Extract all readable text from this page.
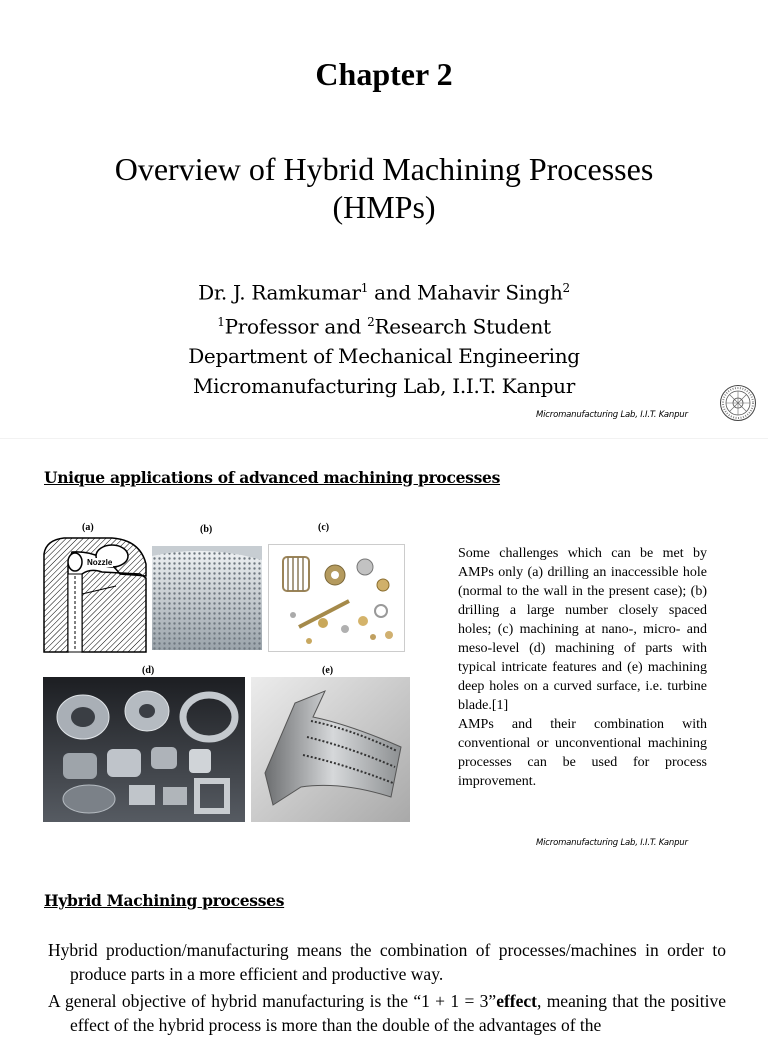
Chapter 2
Overview of Hybrid Machining Processes
(HMPs)
Dr. J. Ramkumar$^1$ and Mahavir Singh$^2$
$^1$Professor and $^2$Research Student
Department of Mechanical Engineering
Micromanufacturing Lab, I.I.T. Kanpur
Micromanufacturing Lab, I.I.T. Kanpur
Unique applications of advanced machining processes
(a)	(b)	(c)
(d)	(e)
Nozzle

Some challenges which can be met by AMPs only (a) drilling an inaccessible hole (normal to the wall in the present case); (b) drilling a large number closely spaced holes; (c) machining at nano-, micro- and meso-level (d) machining of parts with typical intricate features and (e) machining deep holes on a curved surface, i.e. turbine blade.[1]

AMPs and their combination with conventional or unconventional machining processes can be used for process improvement.

Micromanufacturing Lab, I.I.T. Kanpur
Hybrid Machining processes

Hybrid production/manufacturing means the combination of processes/machines in order to produce parts in a more efficient and productive way.

A general objective of hybrid manufacturing is the “1 + 1 = 3”effect, meaning that the positive effect of the hybrid process is more than the double of the advantages of the
